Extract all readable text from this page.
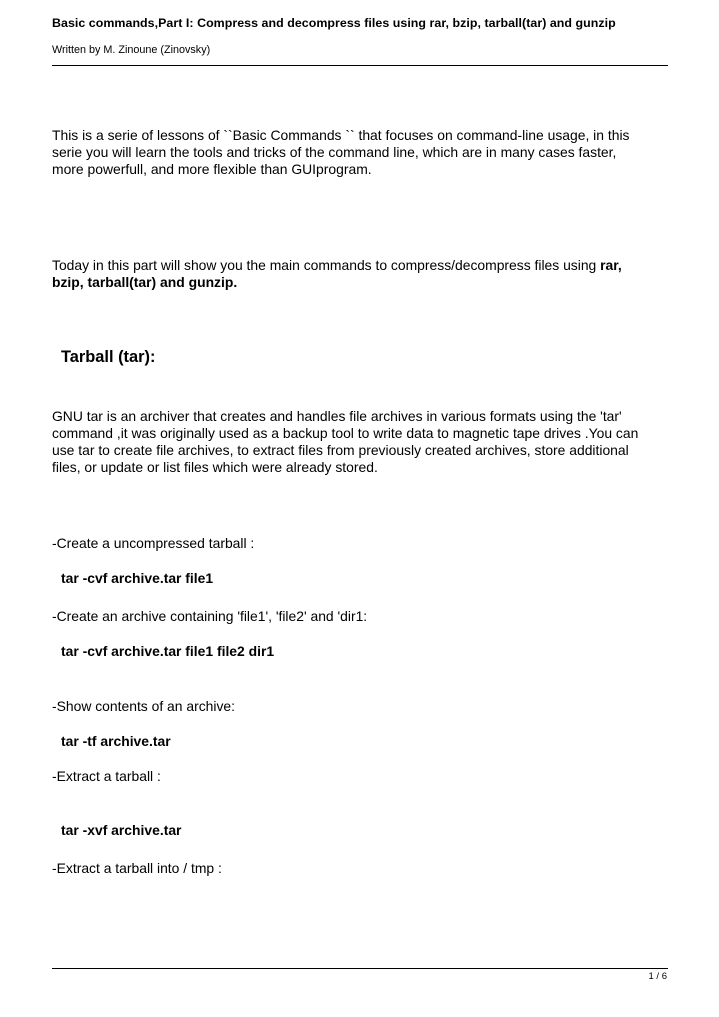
Basic commands,Part I: Compress and decompress files using rar, bzip, tarball(tar) and gunzip
Written by M. Zinoune (Zinovsky)
This is a serie of lessons of ``Basic Commands `` that focuses on command-line usage, in this
serie you will learn the tools and tricks of the command line, which are in many cases faster,
more powerfull, and more flexible than GUIprogram.
Today in this part will show you the main commands to compress/decompress files using rar,
bzip, tarball(tar) and gunzip.
Tarball (tar):
GNU tar is an archiver that creates and handles file archives in various formats using the 'tar'
command ,it was originally used as a backup tool to write data to magnetic tape drives .You can
use tar to create file archives, to extract files from previously created archives, store additional
files, or update or list files which were already stored.
-Create a uncompressed tarball :
tar -cvf archive.tar file1
-Create an archive containing 'file1', 'file2' and 'dir1:
tar -cvf archive.tar file1 file2 dir1
-Show contents of an archive:
tar -tf archive.tar
-Extract a tarball :
tar -xvf archive.tar
-Extract a tarball into / tmp :
1 / 6
